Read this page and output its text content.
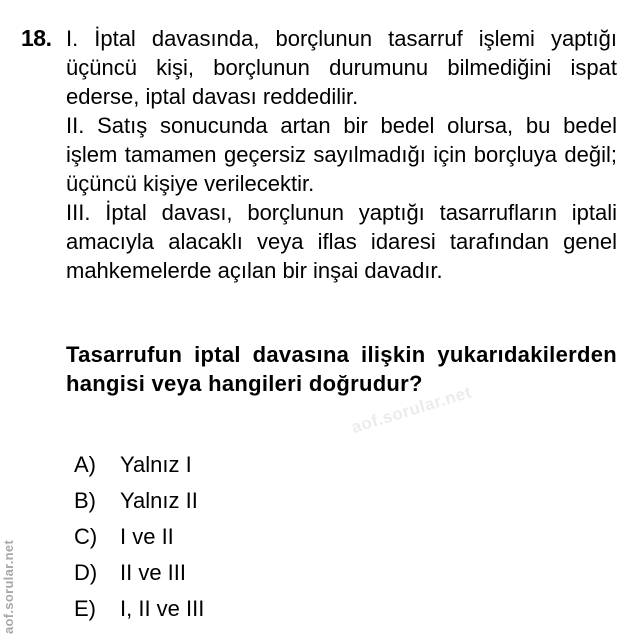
18. I. İptal davasında, borçlunun tasarruf işlemi yaptığı üçüncü kişi, borçlunun durumunu bilmediğini ispat ederse, iptal davası reddedilir.

II. Satış sonucunda artan bir bedel olursa, bu bedel işlem tamamen geçersiz sayılmadığı için borçluya değil; üçüncü kişiye verilecektir.

III. İptal davası, borçlunun yaptığı tasarrufların iptali amacıyla alacaklı veya iflas idaresi tarafından genel mahkemelerde açılan bir inşai davadır.

Tasarrufun iptal davasına ilişkin yukarıdakilerden hangisi veya hangileri doğrudur?
A)	Yalnız I
B)	Yalnız II
C)	I ve II
D)	II ve III
E)	I, II ve III
aof.sorular.net
aof.sorular.net
